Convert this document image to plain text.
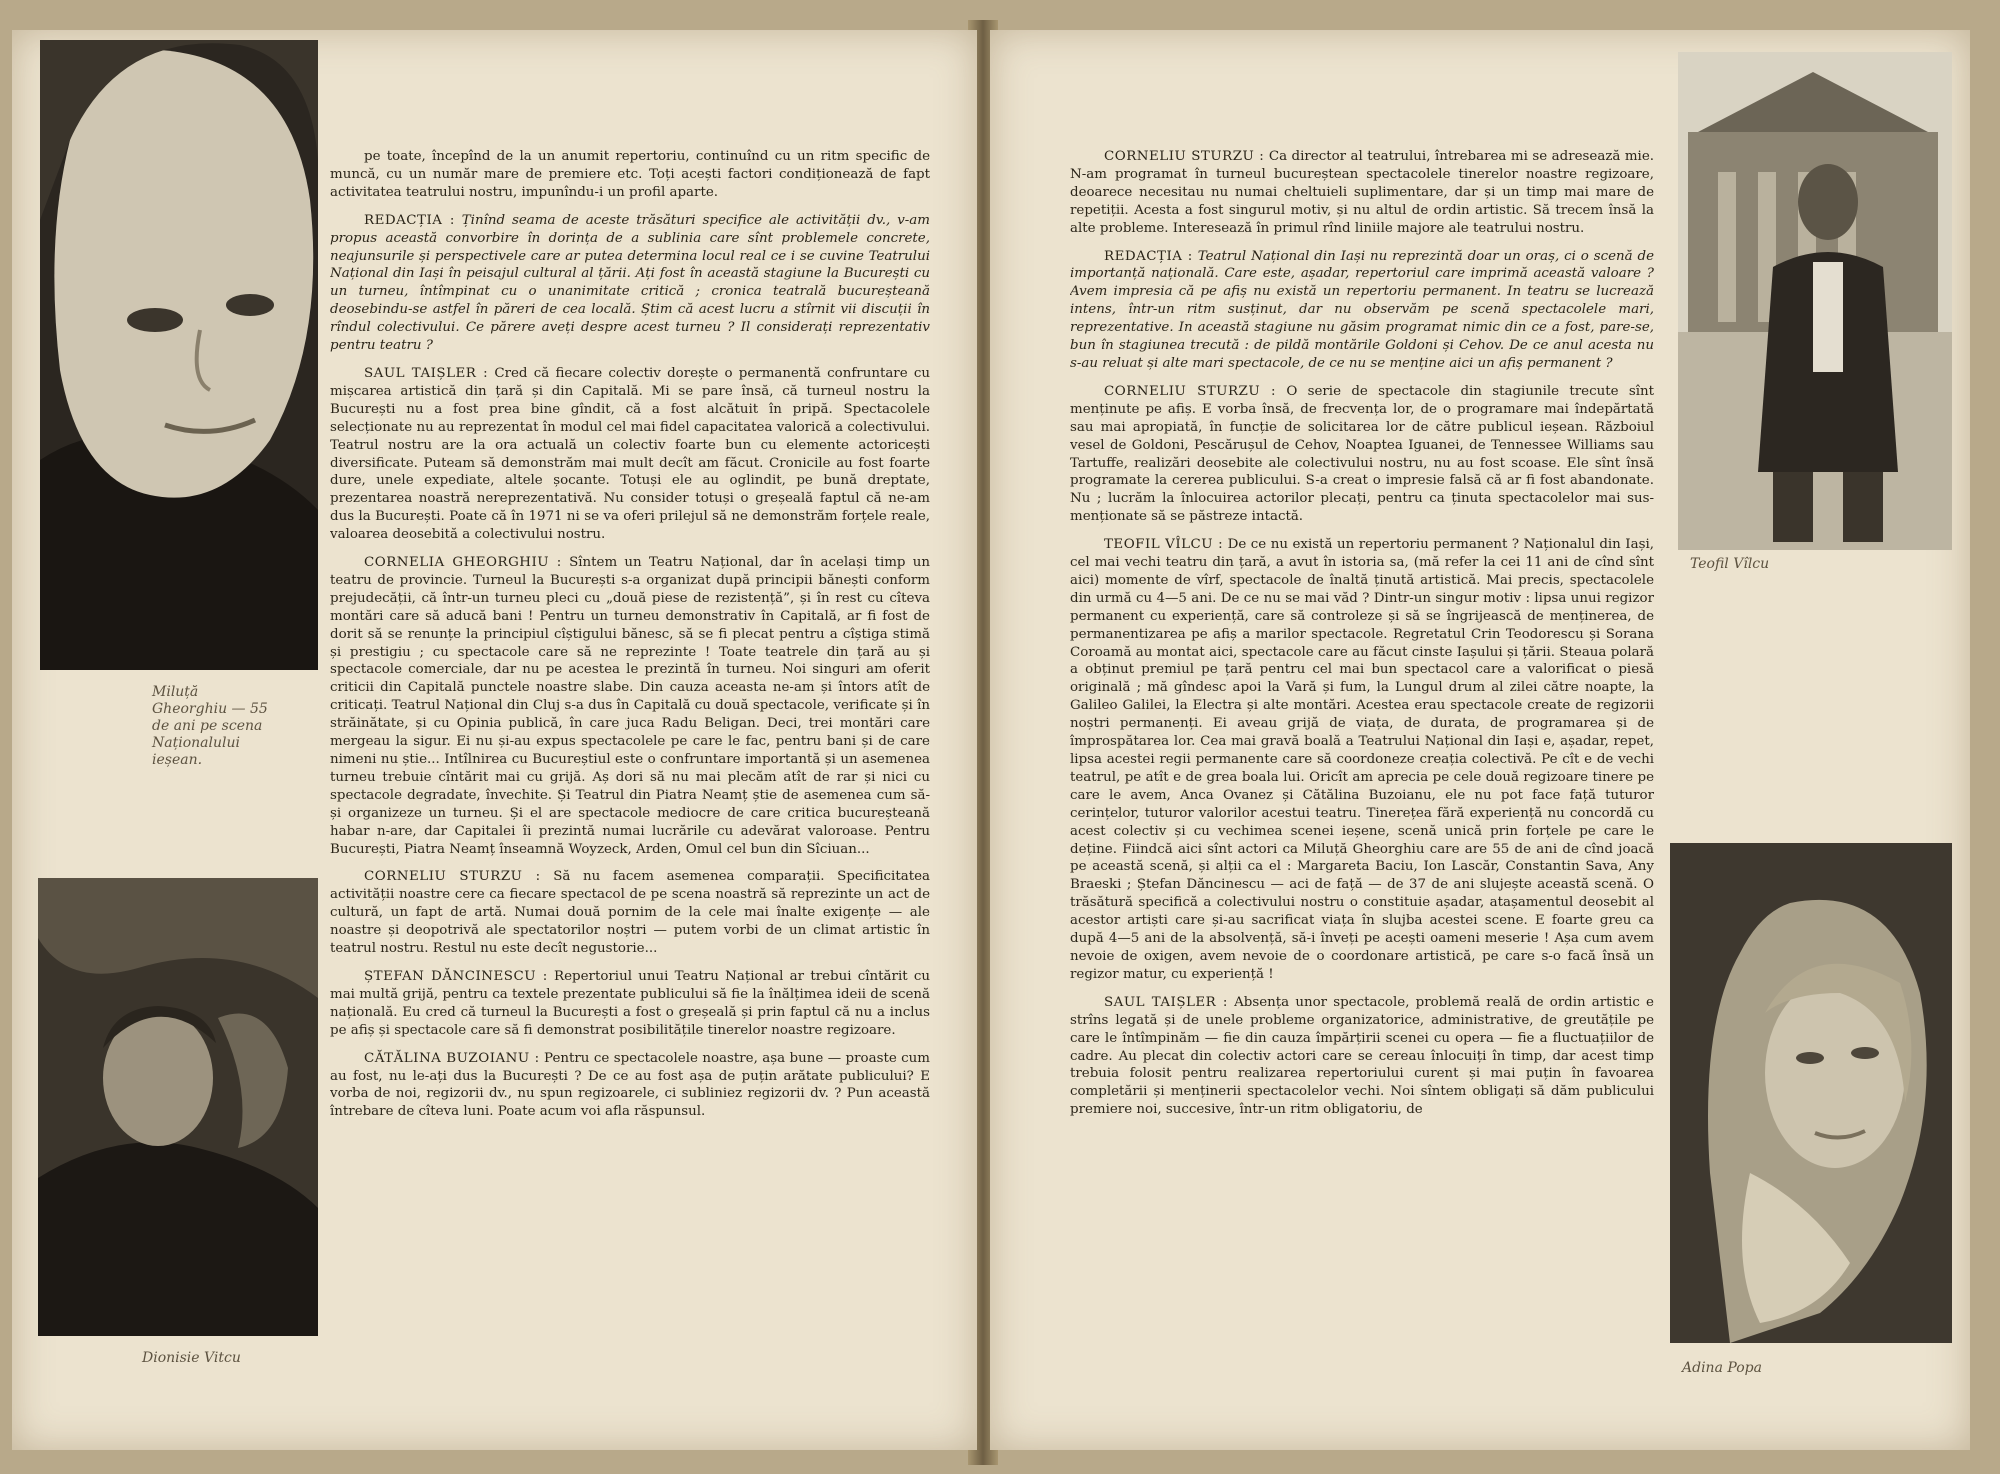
Miluță Gheorghiu — 55 de ani pe scena Naționalului ieșean.
Dionisie Vitcu

pe toate, începînd de la un anumit repertoriu, continuînd cu un ritm specific de muncă, cu un număr mare de premiere etc. Toți acești factori condiționează de fapt activitatea teatrului nostru, impunîndu-i un profil aparte.

REDACȚIA : Ținînd seama de aceste trăsături specifice ale activității dv., v-am propus această convorbire în dorința de a sublinia care sînt problemele concrete, neajunsurile și perspectivele care ar putea determina locul real ce i se cuvine Teatrului Național din Iași în peisajul cultural al țării. Ați fost în această stagiune la București cu un turneu, întîmpinat cu o unanimitate critică ; cronica teatrală bucureșteană deosebindu-se astfel în păreri de cea locală. Știm că acest lucru a stîrnit vii discuții în rîndul colectivului. Ce părere aveți despre acest turneu ? Il considerați reprezentativ pentru teatru ?

SAUL TAIȘLER : Cred că fiecare colectiv dorește o permanentă confruntare cu mișcarea artistică din țară și din Capitală. Mi se pare însă, că turneul nostru la București nu a fost prea bine gîndit, că a fost alcătuit în pripă. Spectacolele selecționate nu au reprezentat în modul cel mai fidel capacitatea valorică a colectivului. Teatrul nostru are la ora actuală un colectiv foarte bun cu elemente actoricești diversificate. Puteam să demonstrăm mai mult decît am făcut. Cronicile au fost foarte dure, unele expediate, altele șocante. Totuși ele au oglindit, pe bună dreptate, prezentarea noastră nereprezentativă. Nu consider totuși o greșeală faptul că ne-am dus la București. Poate că în 1971 ni se va oferi prilejul să ne demonstrăm forțele reale, valoarea deosebită a colectivului nostru.

CORNELIA GHEORGHIU : Sîntem un Teatru Național, dar în același timp un teatru de provincie. Turneul la București s-a organizat după principii bănești conform prejudecății, că într-un turneu pleci cu „două piese de rezistență”, și în rest cu cîteva montări care să aducă bani ! Pentru un turneu demonstrativ în Capitală, ar fi fost de dorit să se renunțe la principiul cîștigului bănesc, să se fi plecat pentru a cîștiga stimă și prestigiu ; cu spectacole care să ne reprezinte ! Toate teatrele din țară au și spectacole comerciale, dar nu pe acestea le prezintă în turneu. Noi singuri am oferit criticii din Capitală punctele noastre slabe. Din cauza aceasta ne-am și întors atît de criticați. Teatrul Național din Cluj s-a dus în Capitală cu două spectacole, verificate și în străinătate, și cu Opinia publică, în care juca Radu Beligan. Deci, trei montări care mergeau la sigur. Ei nu și-au expus spectacolele pe care le fac, pentru bani și de care nimeni nu știe... Intîlnirea cu Bucureștiul este o confruntare importantă și un asemenea turneu trebuie cîntărit mai cu grijă. Aș dori să nu mai plecăm atît de rar și nici cu spectacole degradate, învechite. Și Teatrul din Piatra Neamț știe de asemenea cum să-și organizeze un turneu. Și el are spectacole mediocre de care critica bucureșteană habar n-are, dar Capitalei îi prezintă numai lucrările cu adevărat valoroase. Pentru București, Piatra Neamț înseamnă Woyzeck, Arden, Omul cel bun din Sîciuan...

CORNELIU STURZU : Să nu facem asemenea comparații. Specificitatea activității noastre cere ca fiecare spectacol de pe scena noastră să reprezinte un act de cultură, un fapt de artă. Numai două pornim de la cele mai înalte exigențe — ale noastre și deopotrivă ale spectatorilor noștri — putem vorbi de un climat artistic în teatrul nostru. Restul nu este decît negustorie...

ȘTEFAN DĂNCINESCU : Repertoriul unui Teatru Național ar trebui cîntărit cu mai multă grijă, pentru ca textele prezentate publicului să fie la înălțimea ideii de scenă națională. Eu cred că turneul la București a fost o greșeală și prin faptul că nu a inclus pe afiș și spectacole care să fi demonstrat posibilitățile tinerelor noastre regizoare.

CĂTĂLINA BUZOIANU : Pentru ce spectacolele noastre, așa bune — proaste cum au fost, nu le-ați dus la București ? De ce au fost așa de puțin arătate publicului? E vorba de noi, regizorii dv., nu spun regizoarele, ci subliniez regizorii dv. ? Pun această întrebare de cîteva luni. Poate acum voi afla răspunsul.

CORNELIU STURZU : Ca director al teatrului, întrebarea mi se adresează mie. N-am programat în turneul bucureștean spectacolele tinerelor noastre regizoare, deoarece necesitau nu numai cheltuieli suplimentare, dar și un timp mai mare de repetiții. Acesta a fost singurul motiv, și nu altul de ordin artistic. Să trecem însă la alte probleme. Interesează în primul rînd liniile majore ale teatrului nostru.

REDACȚIA : Teatrul Național din Iași nu reprezintă doar un oraș, ci o scenă de importanță națională. Care este, așadar, repertoriul care imprimă această valoare ? Avem impresia că pe afiș nu există un repertoriu permanent. In teatru se lucrează intens, într-un ritm susținut, dar nu observăm pe scenă spectacolele mari, reprezentative. In această stagiune nu găsim programat nimic din ce a fost, pare-se, bun în stagiunea trecută : de pildă montările Goldoni și Cehov. De ce anul acesta nu s-au reluat și alte mari spectacole, de ce nu se menține aici un afiș permanent ?

CORNELIU STURZU : O serie de spectacole din stagiunile trecute sînt menținute pe afiș. E vorba însă, de frecvența lor, de o programare mai îndepărtată sau mai apropiată, în funcție de solicitarea lor de către publicul ieșean. Războiul vesel de Goldoni, Pescărușul de Cehov, Noaptea Iguanei, de Tennessee Williams sau Tartuffe, realizări deosebite ale colectivului nostru, nu au fost scoase. Ele sînt însă programate la cererea publicului. S-a creat o impresie falsă că ar fi fost abandonate. Nu ; lucrăm la înlocuirea actorilor plecați, pentru ca ținuta spectacolelor mai sus-menționate să se păstreze intactă.

TEOFIL VÎLCU : De ce nu există un repertoriu permanent ? Naționalul din Iași, cel mai vechi teatru din țară, a avut în istoria sa, (mă refer la cei 11 ani de cînd sînt aici) momente de vîrf, spectacole de înaltă ținută artistică. Mai precis, spectacolele din urmă cu 4—5 ani. De ce nu se mai văd ? Dintr-un singur motiv : lipsa unui regizor permanent cu experiență, care să controleze și să se îngrijească de menținerea, de permanentizarea pe afiș a marilor spectacole. Regretatul Crin Teodorescu și Sorana Coroamă au montat aici, spectacole care au făcut cinste Iașului și țării. Steaua polară a obținut premiul pe țară pentru cel mai bun spectacol care a valorificat o piesă originală ; mă gîndesc apoi la Vară și fum, la Lungul drum al zilei către noapte, la Galileo Galilei, la Electra și alte montări. Acestea erau spectacole create de regizorii noștri permanenți. Ei aveau grijă de viața, de durata, de programarea și de împrospătarea lor. Cea mai gravă boală a Teatrului Național din Iași e, așadar, repet, lipsa acestei regii permanente care să coordoneze creația colectivă. Pe cît e de vechi teatrul, pe atît e de grea boala lui. Oricît am aprecia pe cele două regizoare tinere pe care le avem, Anca Ovanez și Cătălina Buzoianu, ele nu pot face față tuturor cerințelor, tuturor valorilor acestui teatru. Tinerețea fără experiență nu concordă cu acest colectiv și cu vechimea scenei ieșene, scenă unică prin forțele pe care le deține. Fiindcă aici sînt actori ca Miluță Gheorghiu care are 55 de ani de cînd joacă pe această scenă, și alții ca el : Margareta Baciu, Ion Lascăr, Constantin Sava, Any Braeski ; Ștefan Dăncinescu — aci de față — de 37 de ani slujește această scenă. O trăsătură specifică a colectivului nostru o constituie așadar, atașamentul deosebit al acestor artiști care și-au sacrificat viața în slujba acestei scene. E foarte greu ca după 4—5 ani de la absolvență, să-i înveți pe acești oameni meserie ! Așa cum avem nevoie de oxigen, avem nevoie de o coordonare artistică, pe care s-o facă însă un regizor matur, cu experiență !

SAUL TAIȘLER : Absența unor spectacole, problemă reală de ordin artistic e strîns legată și de unele probleme organizatorice, administrative, de greutățile pe care le întîmpinăm — fie din cauza împărțirii scenei cu opera — fie a fluctuațiilor de cadre. Au plecat din colectiv actori care se cereau înlocuiți în timp, dar acest timp trebuia folosit pentru realizarea repertoriului curent și mai puțin în favoarea completării și menținerii spectacolelor vechi. Noi sîntem obligați să dăm publicului premiere noi, succesive, într-un ritm obligatoriu, de

Teofil Vîlcu
Adina Popa
